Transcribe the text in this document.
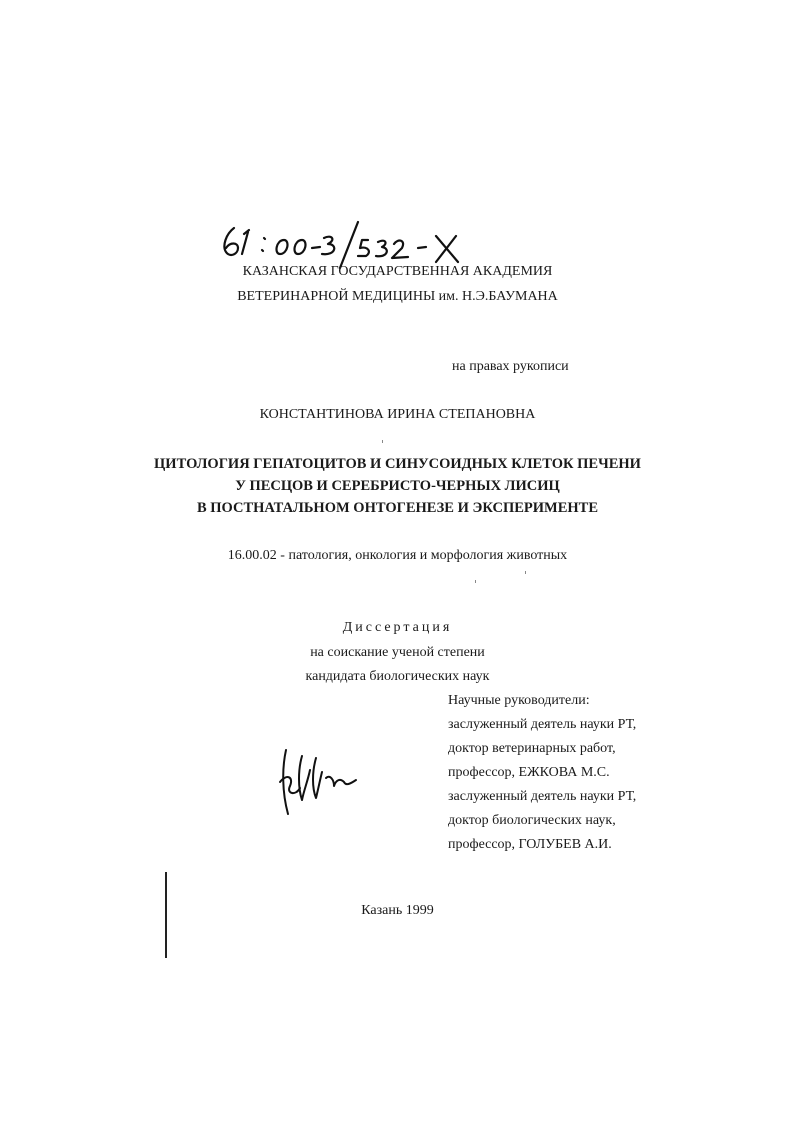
КАЗАНСКАЯ ГОСУДАРСТВЕННАЯ АКАДЕМИЯ
ВЕТЕРИНАРНОЙ МЕДИЦИНЫ им. Н.Э.БАУМАНА
на правах рукописи
КОНСТАНТИНОВА ИРИНА СТЕПАНОВНА
ЦИТОЛОГИЯ ГЕПАТОЦИТОВ И СИНУСОИДНЫХ КЛЕТОК ПЕЧЕНИ
У ПЕСЦОВ И СЕРЕБРИСТО-ЧЕРНЫХ ЛИСИЦ
В ПОСТНАТАЛЬНОМ ОНТОГЕНЕЗЕ И ЭКСПЕРИМЕНТЕ
16.00.02 - патология, онкология и морфология животных
Диссертация
на соискание ученой степени
кандидата биологических наук
Научные руководители:
заслуженный деятель науки РТ,
доктор ветеринарных работ,
профессор, ЕЖКОВА М.С.
заслуженный деятель науки РТ,
доктор биологических наук,
профессор, ГОЛУБЕВ А.И.
Казань 1999
